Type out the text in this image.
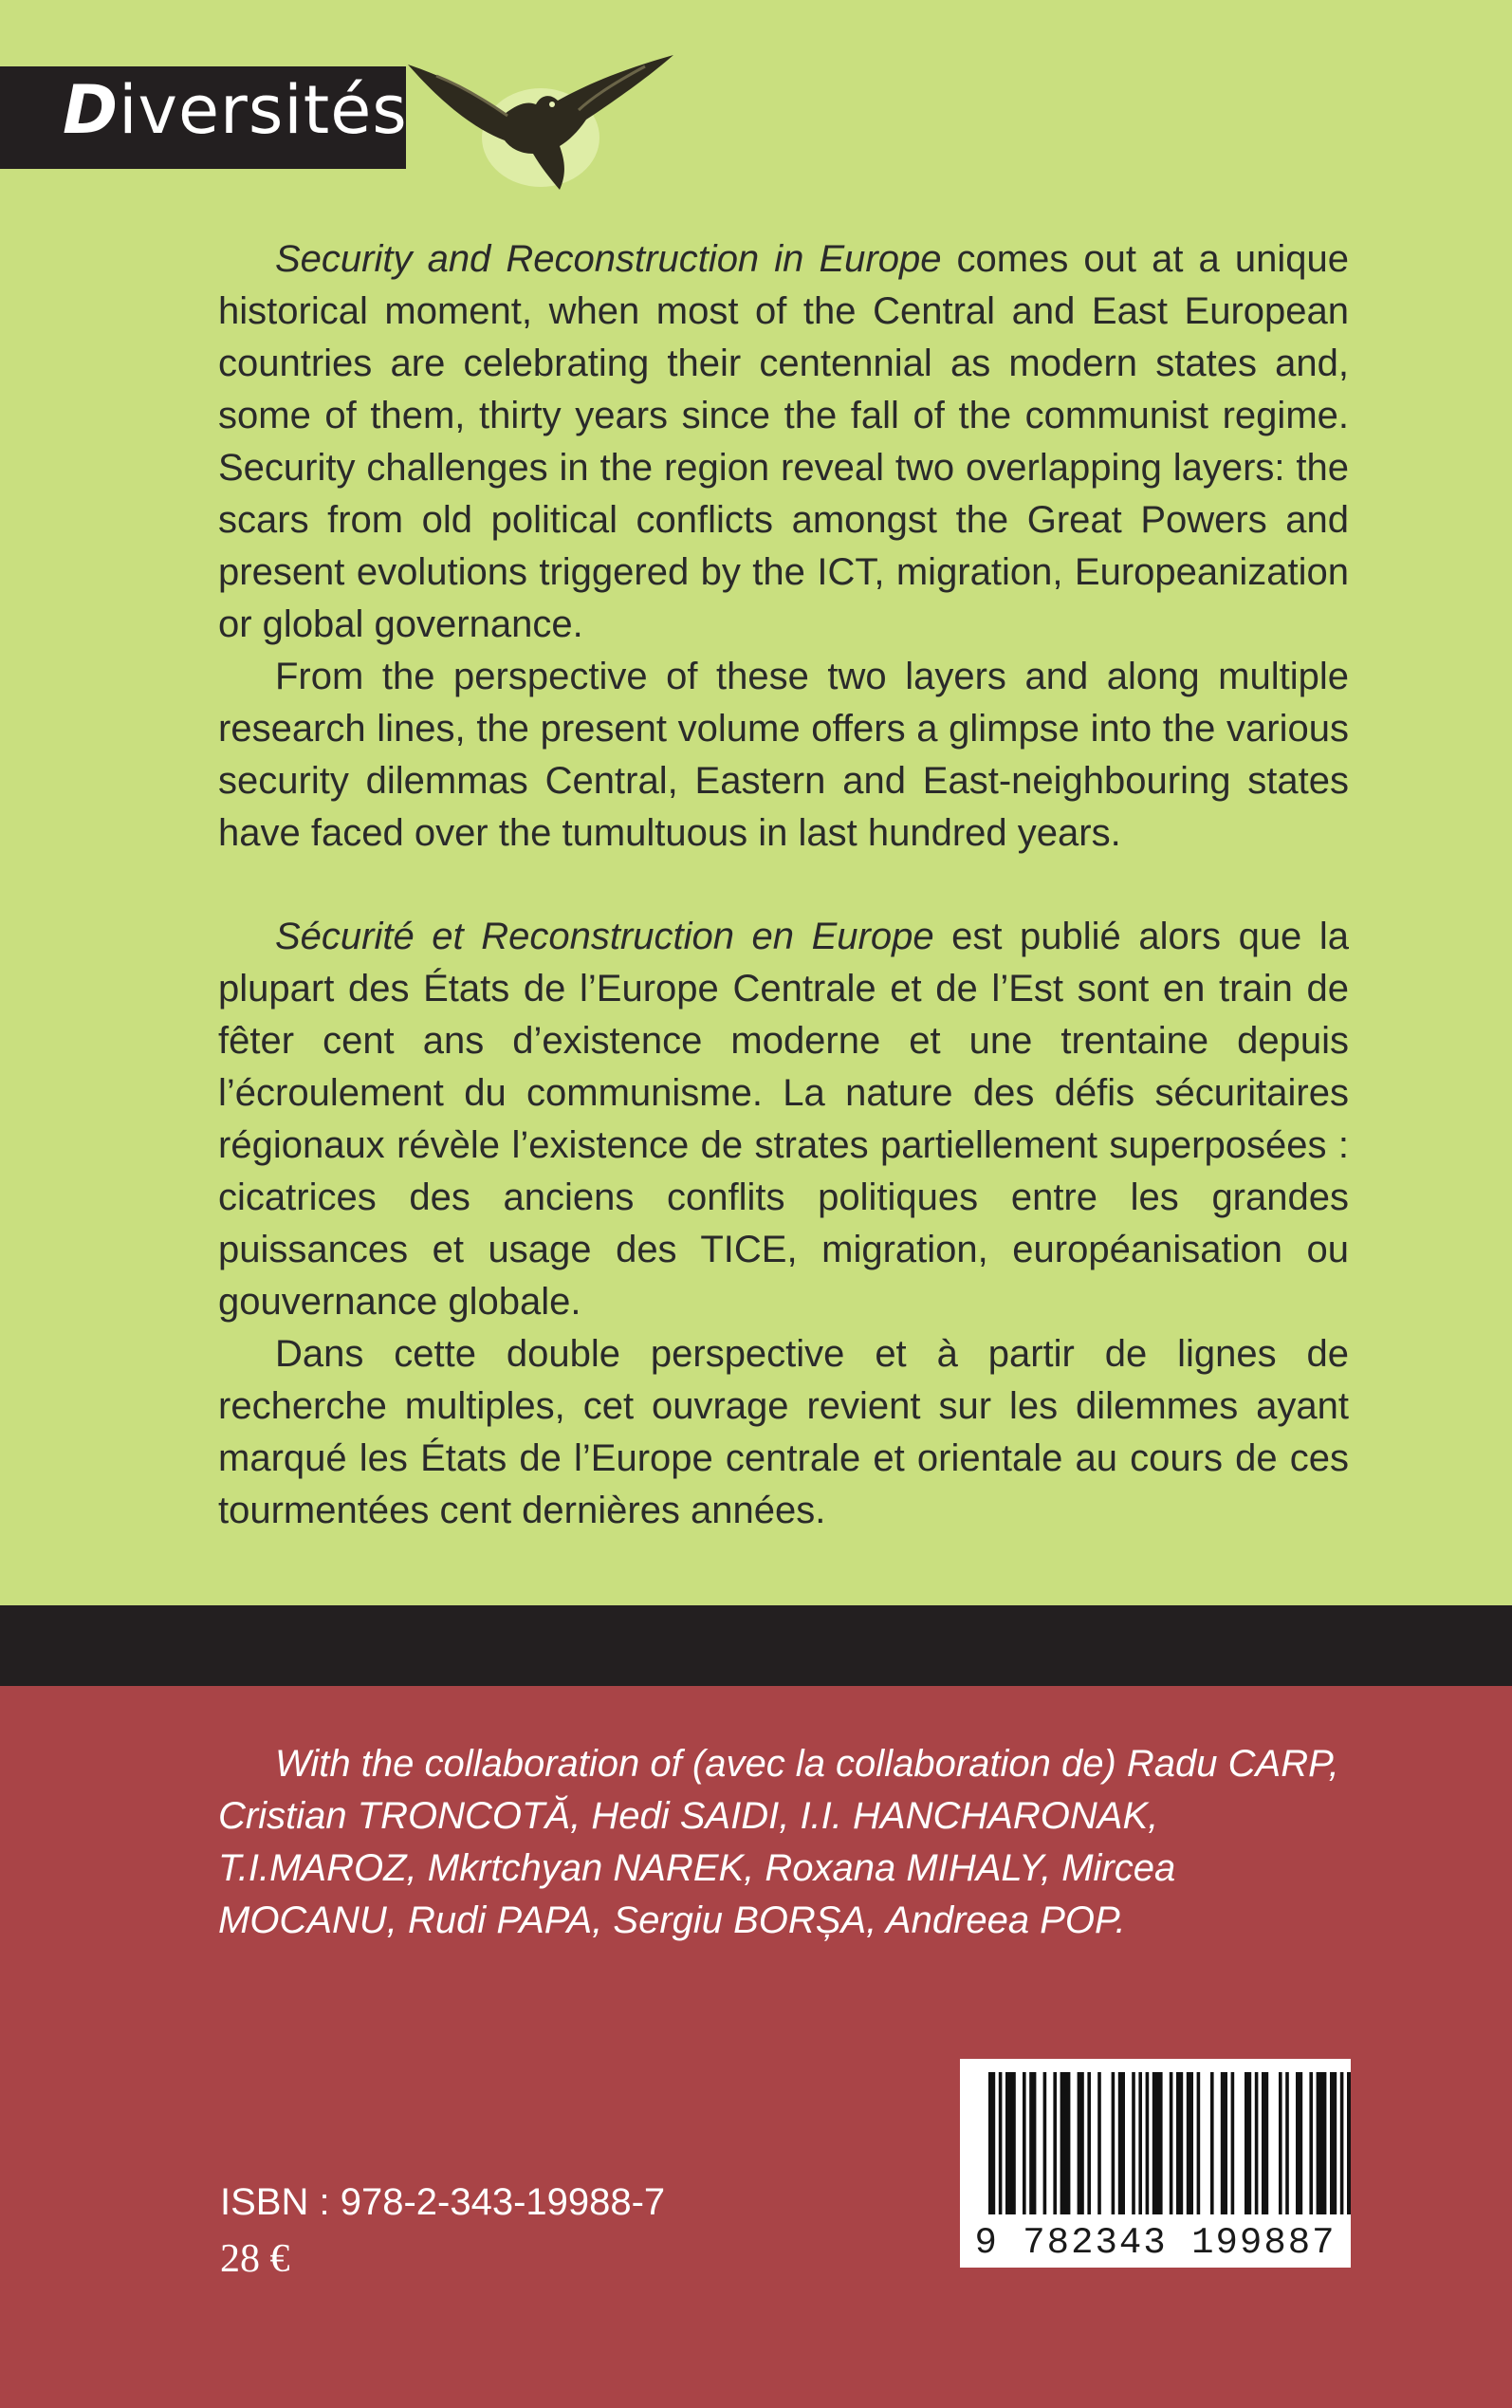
Diversités

Security and Reconstruction in Europe comes out at a unique historical moment, when most of the Central and East European countries are celebrating their centennial as modern states and, some of them, thirty years since the fall of the communist regime. Security challenges in the region reveal two overlapping layers: the scars from old political conflicts amongst the Great Powers and present evolutions triggered by the ICT, migration, Europeanization or global governance.

From the perspective of these two layers and along multiple research lines, the present volume offers a glimpse into the various security dilemmas Central, Eastern and East-neighbouring states have faced over the tumultuous in last hundred years.

Sécurité et Reconstruction en Europe est publié alors que la plupart des États de l’Europe Centrale et de l’Est sont en train de fêter cent ans d’existence moderne et une trentaine depuis l’écroulement du communisme. La nature des défis sécuritaires régionaux révèle l’existence de strates partiellement superposées : cicatrices des anciens conflits politiques entre les grandes puissances et usage des TICE, migration, européanisation ou gouvernance globale.

Dans cette double perspective et à partir de lignes de recherche multiples, cet ouvrage revient sur les dilemmes ayant marqué les États de l’Europe centrale et orientale au cours de ces tourmentées cent dernières années.

With the collaboration of (avec la collaboration de) Radu CARP, Cristian TRONCOTĂ, Hedi SAIDI, I.I. HANCHARONAK, T.I.MAROZ, Mkrtchyan NAREK, Roxana MIHALY, Mircea MOCANU, Rudi PAPA, Sergiu BORȘA, Andreea POP.
9 782343 199887
ISBN : 978-2-343-19988-7
28 €
